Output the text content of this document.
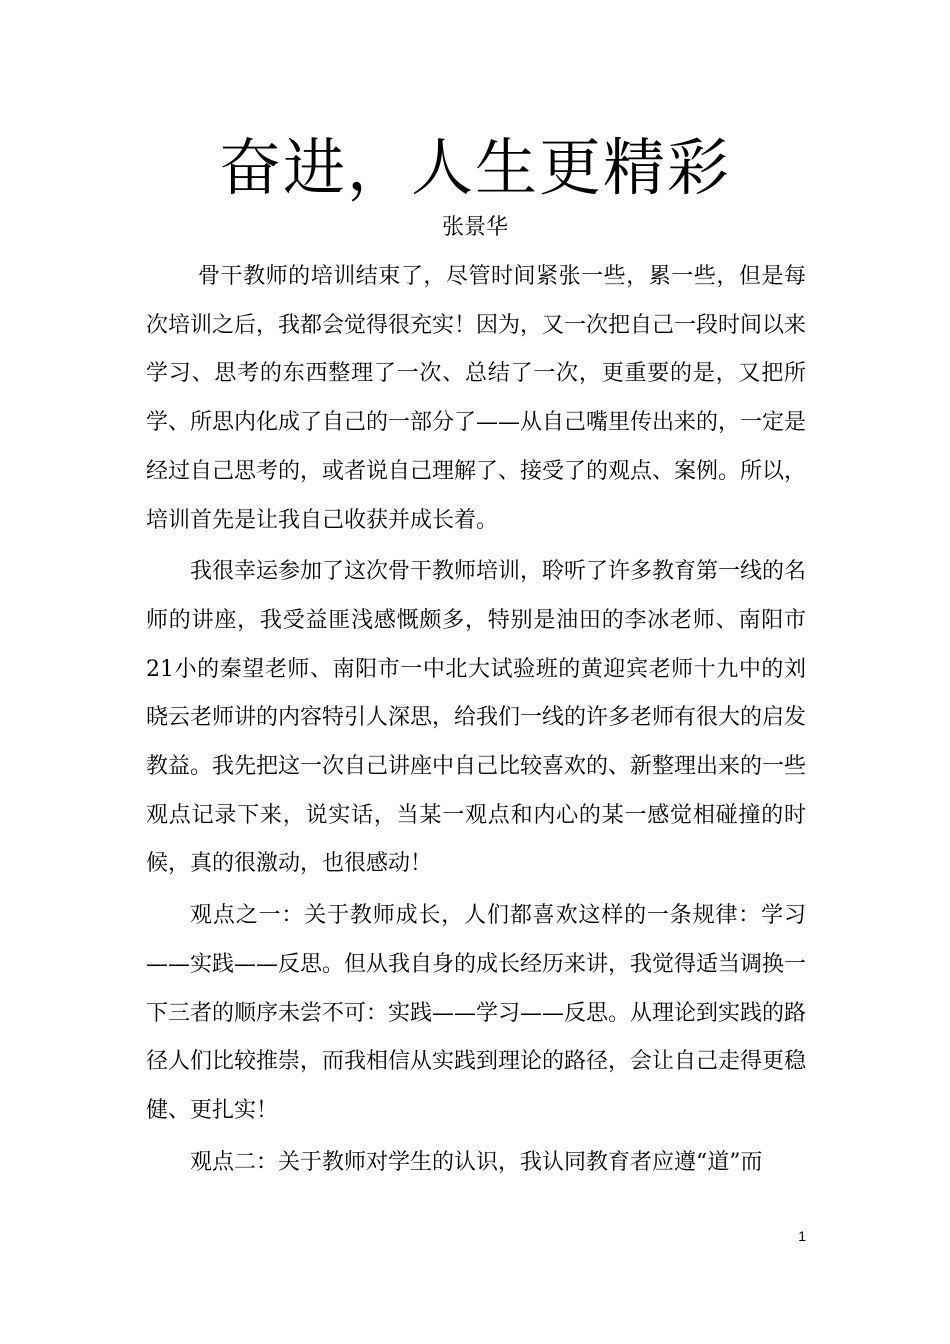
奋进，人生更精彩

张景华

骨干教师的培训结束了，尽管时间紧张一些，累一些，但是每次培训之后，我都会觉得很充实！因为，又一次把自己一段时间以来学习、思考的东西整理了一次、总结了一次，更重要的是，又把所学、所思内化成了自己的一部分了——从自己嘴里传出来的，一定是经过自己思考的，或者说自己理解了、接受了的观点、案例。所以，培训首先是让我自己收获并成长着。

我很幸运参加了这次骨干教师培训，聆听了许多教育第一线的名师的讲座，我受益匪浅感慨颇多，特别是油田的李冰老师、南阳市21小的秦望老师、南阳市一中北大试验班的黄迎宾老师十九中的刘晓云老师讲的内容特引人深思，给我们一线的许多老师有很大的启发教益。我先把这一次自己讲座中自己比较喜欢的、新整理出来的一些观点记录下来，说实话，当某一观点和内心的某一感觉相碰撞的时候，真的很激动，也很感动！

观点之一：关于教师成长，人们都喜欢这样的一条规律：学习——实践——反思。但从我自身的成长经历来讲，我觉得适当调换一下三者的顺序未尝不可：实践——学习——反思。从理论到实践的路径人们比较推崇，而我相信从实践到理论的路径，会让自己走得更稳健、更扎实！

观点二：关于教师对学生的认识，我认同教育者应遵“道”而

1
